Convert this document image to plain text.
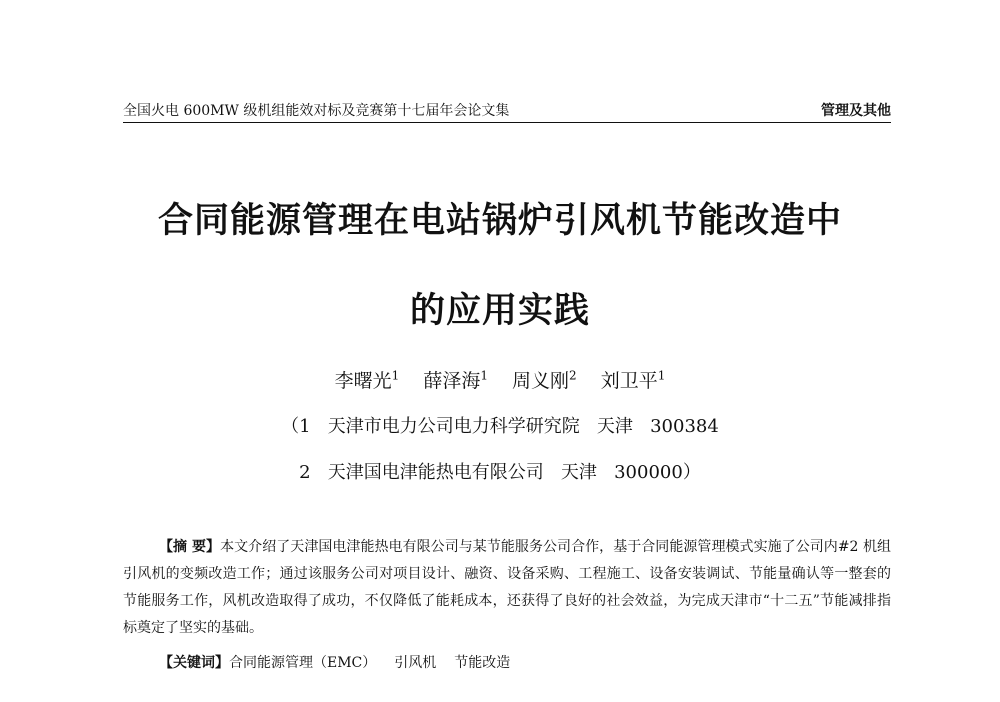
全国火电 600MW 级机组能效对标及竞赛第十七届年会论文集	管理及其他
合同能源管理在电站锅炉引风机节能改造中
的应用实践
李曙光$^1$ 薛泽海$^1$ 周义刚$^2$ 刘卫平$^1$
（1   天津市电力公司电力科学研究院   天津   300384
2   天津国电津能热电有限公司   天津   300000）
【摘 要】本文介绍了天津国电津能热电有限公司与某节能服务公司合作，基于合同能源管理模式实施了公司内#2 机组引风机的变频改造工作；通过该服务公司对项目设计、融资、设备采购、工程施工、设备安装调试、节能量确认等一整套的节能服务工作，风机改造取得了成功，不仅降低了能耗成本，还获得了良好的社会效益，为完成天津市“十二五”节能减排指标奠定了坚实的基础。
【关键词】合同能源管理（EMC） 引风机 节能改造
